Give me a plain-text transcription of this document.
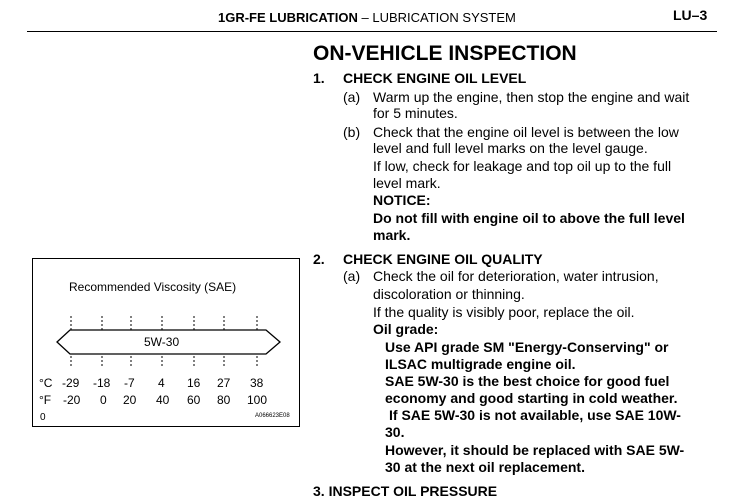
1GR-FE LUBRICATION – LUBRICATION SYSTEM	LU–3
ON-VEHICLE INSPECTION
1. CHECK ENGINE OIL LEVEL
(a) Warm up the engine, then stop the engine and wait
for 5 minutes.
(b) Check that the engine oil level is between the low
level and full level marks on the level gauge.
If low, check for leakage and top oil up to the full
level mark.
NOTICE:
Do not fill with engine oil to above the full level
mark.
2. CHECK ENGINE OIL QUALITY
(a) Check the oil for deterioration, water intrusion,
discoloration or thinning.
If the quality is visibly poor, replace the oil.
Oil grade:
Use API grade SM "Energy-Conserving" or
ILSAC multigrade engine oil.
SAE 5W-30 is the best choice for good fuel
economy and good starting in cold weather.
If SAE 5W-30 is not available, use SAE 10W-
30.
However, it should be replaced with SAE 5W-
30 at the next oil replacement.
3. INSPECT OIL PRESSURE
Recommended Viscosity (SAE)
5W-30
°C -29 -18 -7 4 16 27 38
°F -20 0 20 40 60 80 100
0	A066623E08
